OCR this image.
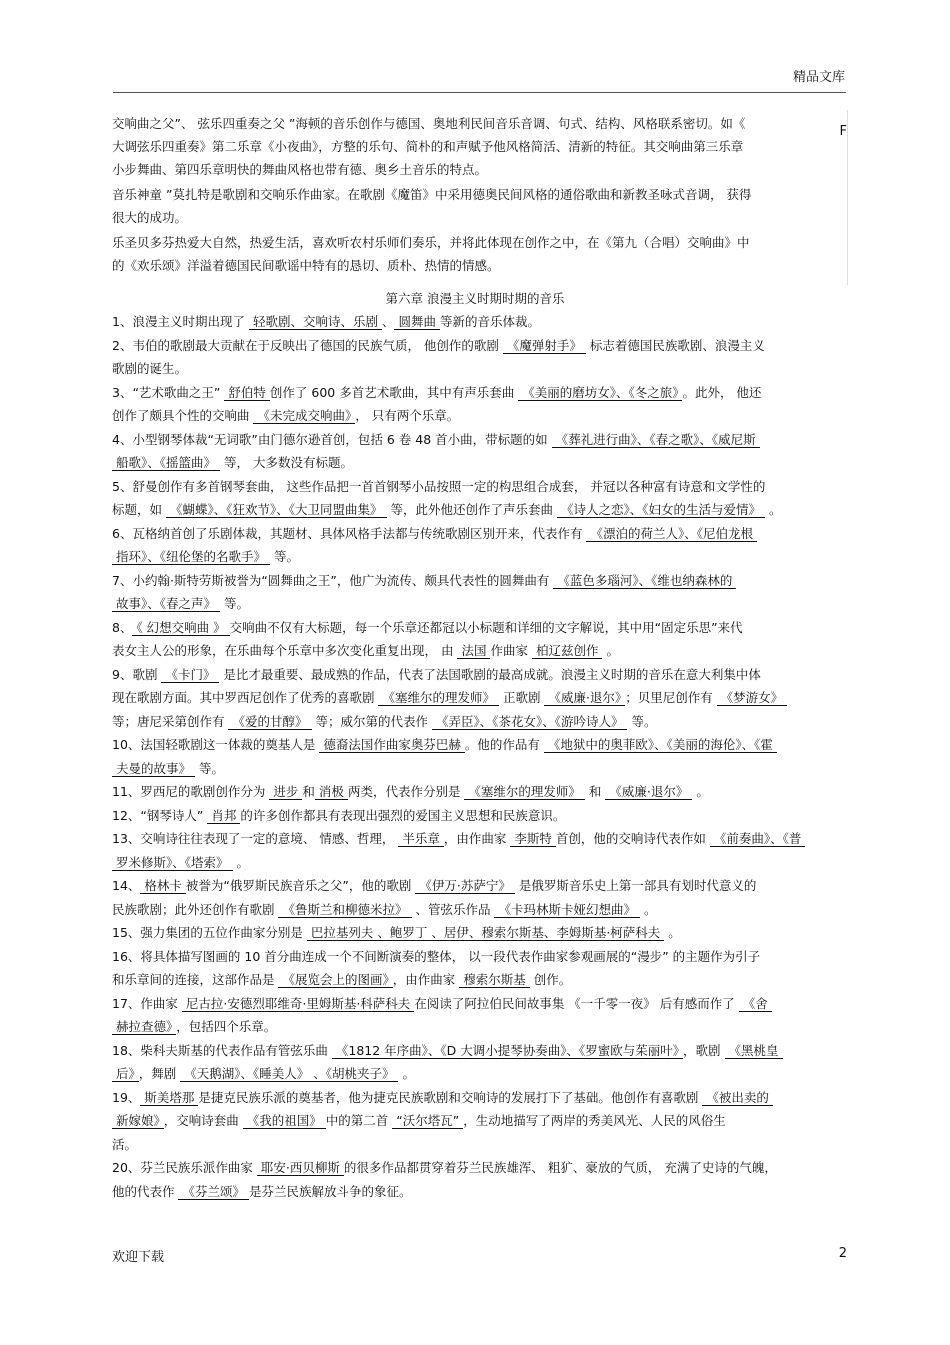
精品文库
F

交响曲之父”、 弦乐四重奏之父 ”海顿的音乐创作与德国、奥地利民间音乐音调、句式、结构、风格联系密切。如《
大调弦乐四重奏》第二乐章《小夜曲》，方整的乐句、简朴的和声赋予他风格简活、清新的特征。其交响曲第三乐章
小步舞曲、第四乐章明快的舞曲风格也带有德、奥乡土音乐的特点。

音乐神童 ”莫扎特是歌剧和交响乐作曲家。在歌剧《魔笛》中采用德奥民间风格的通俗歌曲和新教圣咏式音调， 获得
很大的成功。

乐圣贝多芬热爱大自然，热爱生活，喜欢听农村乐师们奏乐，并将此体现在创作之中，在《第九（合唱）交响曲》中
的《欢乐颂》洋溢着德国民间歌谣中特有的恳切、质朴、热情的情感。

第六章 浪漫主义时期时期的音乐

1、浪漫主义时期出现了 轻歌剧、交响诗、乐剧 、 圆舞曲 等新的音乐体裁。

2、韦伯的歌剧最大贡献在于反映出了德国的民族气质， 他创作的歌剧 《魔弹射手》 标志着德国民族歌剧、浪漫主义
歌剧的诞生。

3、“艺术歌曲之王” 舒伯特 创作了 600 多首艺术歌曲，其中有声乐套曲 《美丽的磨坊女》、《冬之旅》 。此外， 他还
创作了颇具个性的交响曲 《未完成交响曲》 ， 只有两个乐章。

4、小型钢琴体裁“无词歌”由门德尔逊首创，包括 6 卷 48 首小曲，带标题的如 《葬礼进行曲》、《春之歌》、《威尼斯
船歌》、《摇篮曲》 等， 大多数没有标题。

5、舒曼创作有多首钢琴套曲， 这些作品把一首首钢琴小品按照一定的构思组合成套， 并冠以各种富有诗意和文学性的
标题，如 《蝴蝶》、《狂欢节》、《大卫同盟曲集》 等，此外他还创作了声乐套曲 《诗人之恋》、《妇女的生活与爱情》 。

6、瓦格纳首创了乐剧体裁，其题材、具体风格手法都与传统歌剧区别开来，代表作有 《漂泊的荷兰人》、《尼伯龙根
指环》、《纽伦堡的名歌手》 等。

7、小约翰·斯特劳斯被誉为“圆舞曲之王”，他广为流传、颇具代表性的圆舞曲有 《蓝色多瑙河》、《维也纳森林的
故事》、《春之声》 等。

8、 《 幻想交响曲 》 交响曲不仅有大标题，每一个乐章还都冠以小标题和详细的文字解说，其中用“固定乐思”来代
表女主人公的形象，在乐曲每个乐章中多次变化重复出现， 由 法国 作曲家 柏辽兹创作 。

9、歌剧 《卡门》 是比才最重要、最成熟的作品，代表了法国歌剧的最高成就。浪漫主义时期的音乐在意大利集中体
现在歌剧方面。其中罗西尼创作了优秀的喜歌剧 《塞维尔的理发师》 正歌剧 《威廉·退尔》 ；贝里尼创作有 《梦游女》
等；唐尼采第创作有 《爱的甘醇》 等；威尔第的代表作 《弄臣》、《茶花女》、《游吟诗人》 等。

10、法国轻歌剧这一体裁的奠基人是 德裔法国作曲家奥芬巴赫 。他的作品有 《地狱中的奥菲欧》、《美丽的海伦》、《霍
夫曼的故事》 等。

11、罗西尼的歌剧创作分为 进步 和 消极 两类，代表作分别是 《塞维尔的理发师》 和 《威廉·退尔》 。

12、“钢琴诗人” 肖邦 的许多创作都具有表现出强烈的爱国主义思想和民族意识。

13、交响诗往往表现了一定的意境、 情感、哲理， 半乐章 ，由作曲家 李斯特 首创，他的交响诗代表作如 《前奏曲》、《普
罗米修斯》、《塔索》 。

14、 格林卡 被誉为“俄罗斯民族音乐之父”，他的歌剧 《伊万·苏萨宁》 是俄罗斯音乐史上第一部具有划时代意义的
民族歌剧；此外还创作有歌剧 《鲁斯兰和柳德米拉》 、管弦乐作品 《卡玛林斯卡娅幻想曲》 。

15、强力集团的五位作曲家分别是 巴拉基列夫 、鲍罗丁 、居伊、穆索尔斯基、李姆斯基·柯萨科夫 。

16、将具体描写图画的 10 首分曲连成一个不间断演奏的整体， 以一段代表作曲家参观画展的“漫步” 的主题作为引子
和乐章间的连接，这部作品是 《展览会上的图画》 ，由作曲家 穆索尔斯基 创作。

17、作曲家 尼古拉·安德烈耶维奇·里姆斯基·科萨科夫 在阅读了阿拉伯民间故事集 《一千零一夜》 后有感而作了 《舍
赫拉查德》 ，包括四个乐章。

18、柴科夫斯基的代表作品有管弦乐曲 《1812 年序曲》、《D 大调小提琴协奏曲》、《罗蜜欧与茱丽叶》 ，歌剧 《黑桃皇
后》 ，舞剧 《天鹅湖》、《睡美人》 、《胡桃夹子》 。

19、 斯美塔那 是捷克民族乐派的奠基者，他为捷克民族歌剧和交响诗的发展打下了基础。他创作有喜歌剧 《被出卖的
新嫁娘》 ，交响诗套曲 《我的祖国》 中的第二首 “沃尔塔瓦” ，生动地描写了两岸的秀美风光、人民的风俗生
活。

20、芬兰民族乐派作曲家 耶安·西贝柳斯 的很多作品都贯穿着芬兰民族雄浑、 粗犷、豪放的气质， 充满了史诗的气魄，
他的代表作 《芬兰颂》 是芬兰民族解放斗争的象征。

欢迎下载	2
